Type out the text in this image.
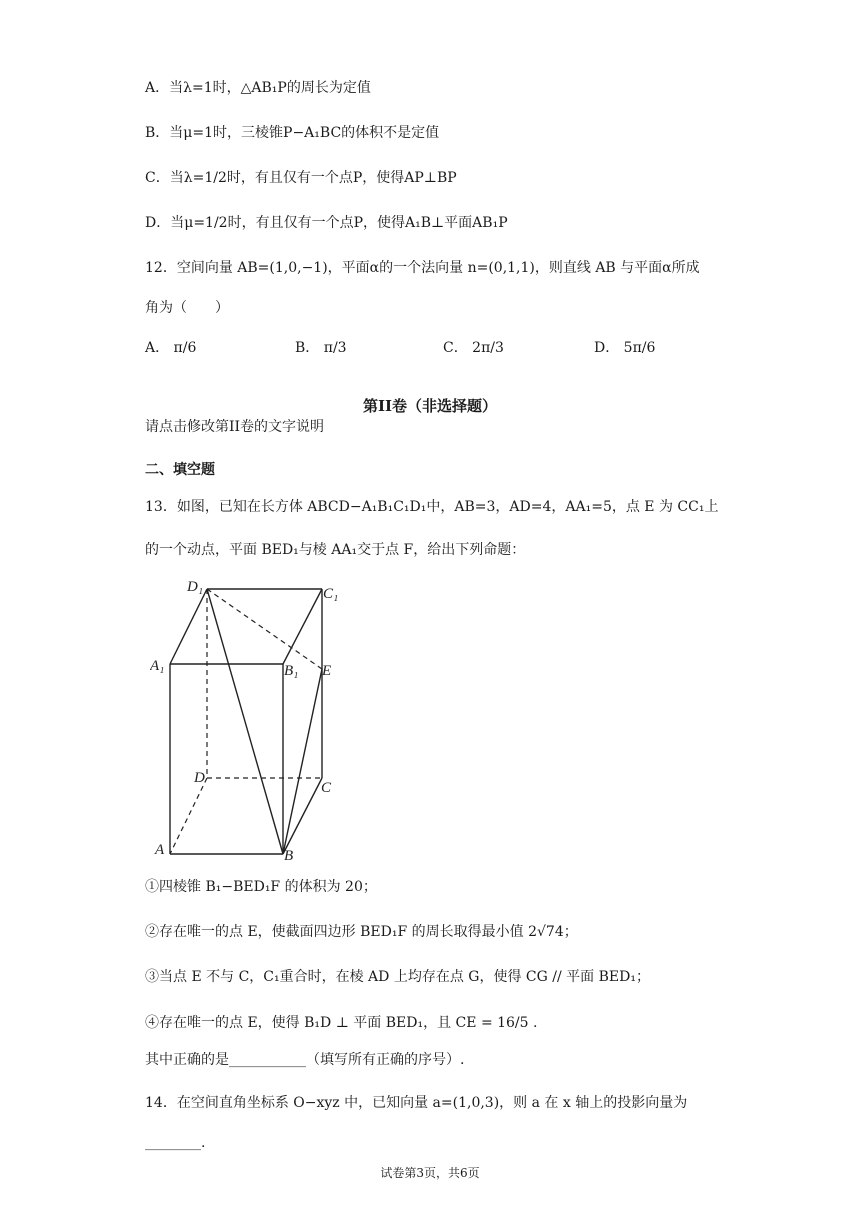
A．当λ=1时，△AB₁P的周长为定值
B．当μ=1时，三棱锥P−A₁BC的体积不是定值
C．当λ=1/2时，有且仅有一个点P，使得AP⊥BP
D．当μ=1/2时，有且仅有一个点P，使得A₁B⊥平面AB₁P
12．空间向量 AB=(1,0,−1)，平面α的一个法向量 n=(0,1,1)，则直线 AB 与平面α所成
角为（　　）
A． π/6	B． π/3	C． 2π/3	D． 5π/6
第II卷（非选择题）
请点击修改第II卷的文字说明
二、填空题
13．如图，已知在长方体 ABCD−A₁B₁C₁D₁中，AB=3，AD=4，AA₁=5，点 E 为 CC₁上
的一个动点，平面 BED₁与棱 AA₁交于点 F，给出下列命题：
D₁	C₁
A₁	B₁ E
D
C
A	B
①四棱锥 B₁−BED₁F 的体积为 20；
②存在唯一的点 E，使截面四边形 BED₁F 的周长取得最小值 2√74；
③当点 E 不与 C，C₁重合时，在棱 AD 上均存在点 G，使得 CG // 平面 BED₁；
④存在唯一的点 E，使得 B₁D ⊥ 平面 BED₁，且 CE = 16/5 .
其中正确的是___________（填写所有正确的序号）.
14．在空间直角坐标系 O−xyz 中，已知向量 a=(1,0,3)，则 a 在 x 轴上的投影向量为
________.
试卷第3页，共6页
